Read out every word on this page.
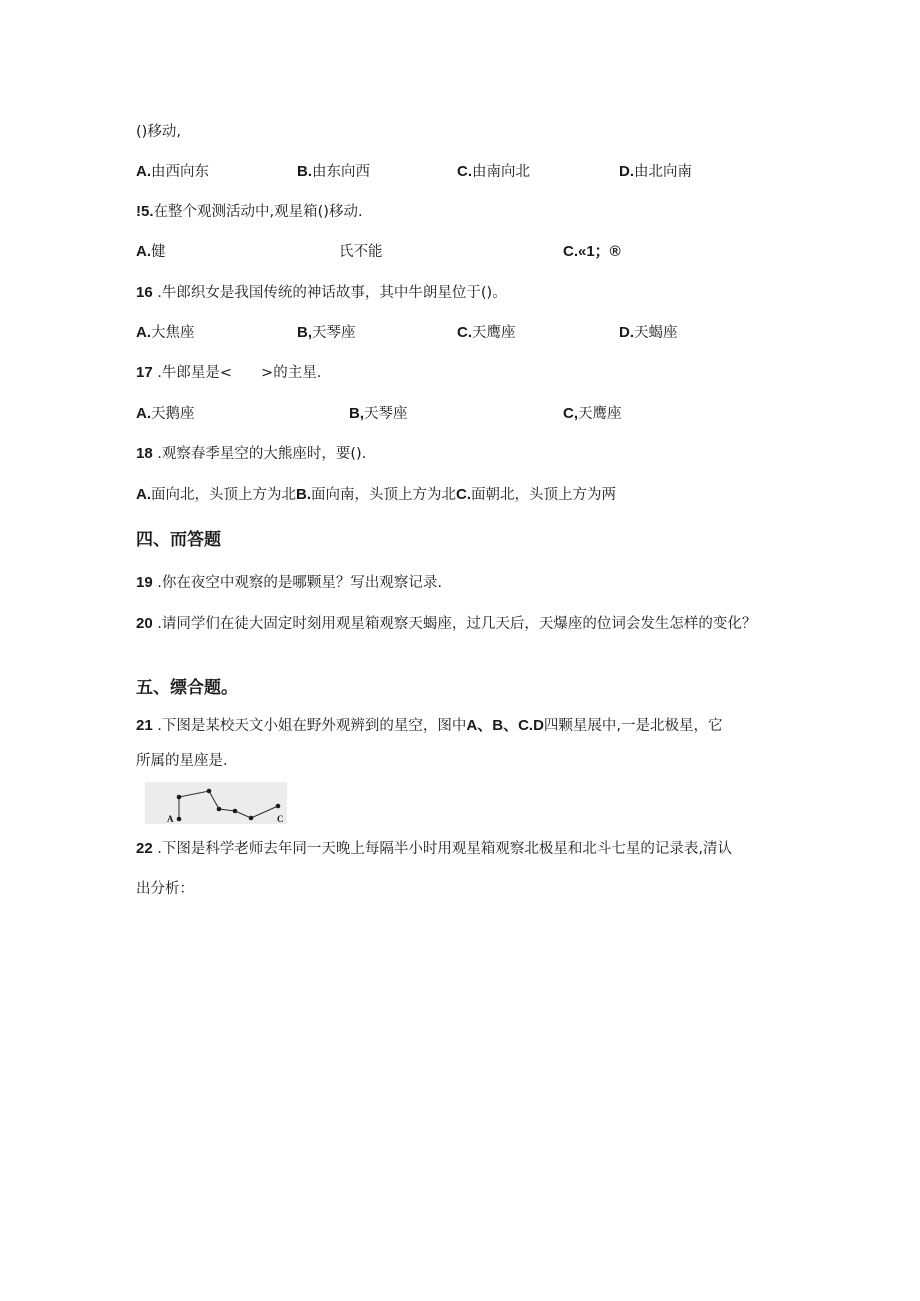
()移动,
A.由西向东	B.由东向西	C.由南向北	D.由北向南
!5.在整个观测活动中,观星箱()移动.
A.健	氏不能	C.«1；®
16 .牛郎织女是我国传统的神话故事，其中牛朗星位于()。
A.大焦座	B,天琴座	C.天鹰座	D.天蝎座
17 .牛郎星是<　　>的主星.
A.天鹅座	B,天琴座	C,天鹰座
18 .观察春季星空的大熊座时，要().
A.面向北，头顶上方为北B.面向南，头顶上方为北C.面朝北，头顶上方为两
四、而答题
19 .你在夜空中观察的是哪颗星？写出观察记录.
20 .请同学们在徒大固定时刻用观星箱观察天蝎座，过几天后，天爆座的位词会发生怎样的变化？
五、缥合题。
21 .下图是某校天文小姐在野外观辨到的星空，图中A、B、C.D四颗星展中,一是北极星，它
所属的星座是.
A	C
22 .下图是科学老师去年同一天晚上每隔半小时用观星箱观察北极星和北斗七星的记录表,清认
出分析：
